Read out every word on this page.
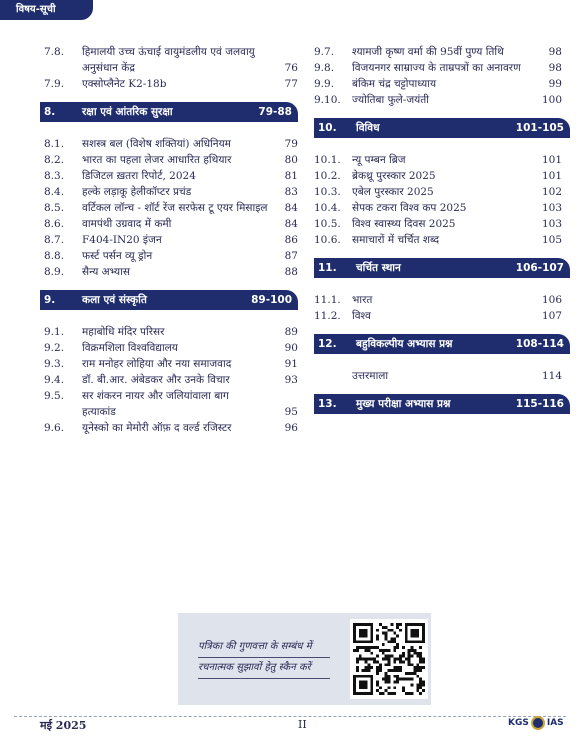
विषय-सूची
7.8.	हिमालयी उच्च ऊंचाई वायुमंडलीय एवं जलवायु
अनुसंधान केंद्र	76
7.9.	एक्सोप्लैनेट K2-18b	77
8.	रक्षा एवं आंतरिक सुरक्षा	79-88
8.1.	सशस्त्र बल (विशेष शक्तियां) अधिनियम	79
8.2.	भारत का पहला लेजर आधारित हथियार	80
8.3.	डिजिटल ख़तरा रिपोर्ट, 2024	81
8.4.	हल्के लड़ाकू हेलीकॉप्टर प्रचंड	83
8.5.	वर्टिकल लॉन्च - शॉर्ट रेंज सरफेस टू एयर मिसाइल	84
8.6.	वामपंथी उग्रवाद में कमी	84
8.7.	F404-IN20 इंजन	86
8.8.	फर्स्ट पर्सन व्यू ड्रोन	87
8.9.	सैन्य अभ्यास	88
9.	कला एवं संस्कृति	89-100
9.1.	महाबोधि मंदिर परिसर	89
9.2.	विक्रमशिला विश्वविद्यालय	90
9.3.	राम मनोहर लोहिया और नया समाजवाद	91
9.4.	डॉ. बी.आर. अंबेडकर और उनके विचार	93
9.5.	सर शंकरन नायर और जलियांवाला बाग
हत्याकांड	95
9.6.	यूनेस्को का मेमोरी ऑफ़ द वर्ल्ड रजिस्टर	96
9.7.	श्यामजी कृष्ण वर्मा की 95वीं पुण्य तिथि	98
9.8.	विजयनगर साम्राज्य के ताम्रपत्रों का अनावरण	98
9.9.	बंकिम चंद्र चट्टोपाध्याय	99
9.10.	ज्योतिबा फुले-जयंती	100
10.	विविध	101-105
10.1.	न्यू पम्बन ब्रिज	101
10.2.	ब्रेकथ्रू पुरस्कार 2025	101
10.3.	एबेल पुरस्कार 2025	102
10.4.	सेपक टकरा विश्व कप 2025	103
10.5.	विश्व स्वास्थ्य दिवस 2025	103
10.6.	समाचारों में चर्चित शब्द	105
11.	चर्चित स्थान	106-107
11.1.	भारत	106
11.2.	विश्व	107
12.	बहुविकल्पीय अभ्यास प्रश्न	108-114
उत्तरमाला	114
13.	मुख्य परीक्षा अभ्यास प्रश्न	115-116
पत्रिका की गुणवत्ता के सम्बंध में
रचनात्मक सुझावों हेतु स्कैन करें
मई 2025	II	KGS IAS
